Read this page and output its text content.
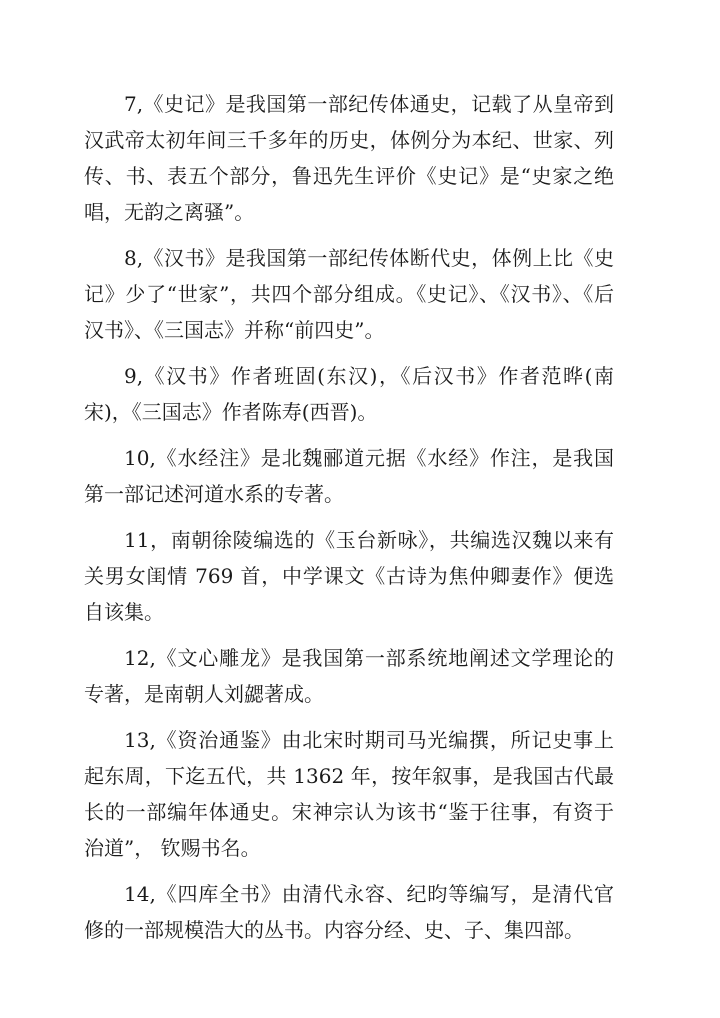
7,《史记》是我国第一部纪传体通史，记载了从皇帝到汉武帝太初年间三千多年的历史，体例分为本纪、世家、列传、书、表五个部分，鲁迅先生评价《史记》是“史家之绝唱，无韵之离骚”。

8,《汉书》是我国第一部纪传体断代史，体例上比《史记》少了“世家”，共四个部分组成。《史记》、《汉书》、《后汉书》、《三国志》并称“前四史”。

9,《汉书》作者班固(东汉)，《后汉书》作者范晔(南宋)，《三国志》作者陈寿(西晋)。

10,《水经注》是北魏郦道元据《水经》作注，是我国第一部记述河道水系的专著。

11，南朝徐陵编选的《玉台新咏》，共编选汉魏以来有关男女闺情 769 首，中学课文《古诗为焦仲卿妻作》便选自该集。

12,《文心雕龙》是我国第一部系统地阐述文学理论的专著，是南朝人刘勰著成。

13,《资治通鉴》由北宋时期司马光编撰，所记史事上起东周，下迄五代，共 1362 年，按年叙事，是我国古代最长的一部编年体通史。宋神宗认为该书“鉴于往事，有资于治道”， 钦赐书名。

14,《四库全书》由清代永容、纪昀等编写，是清代官修的一部规模浩大的丛书。内容分经、史、子、集四部。
